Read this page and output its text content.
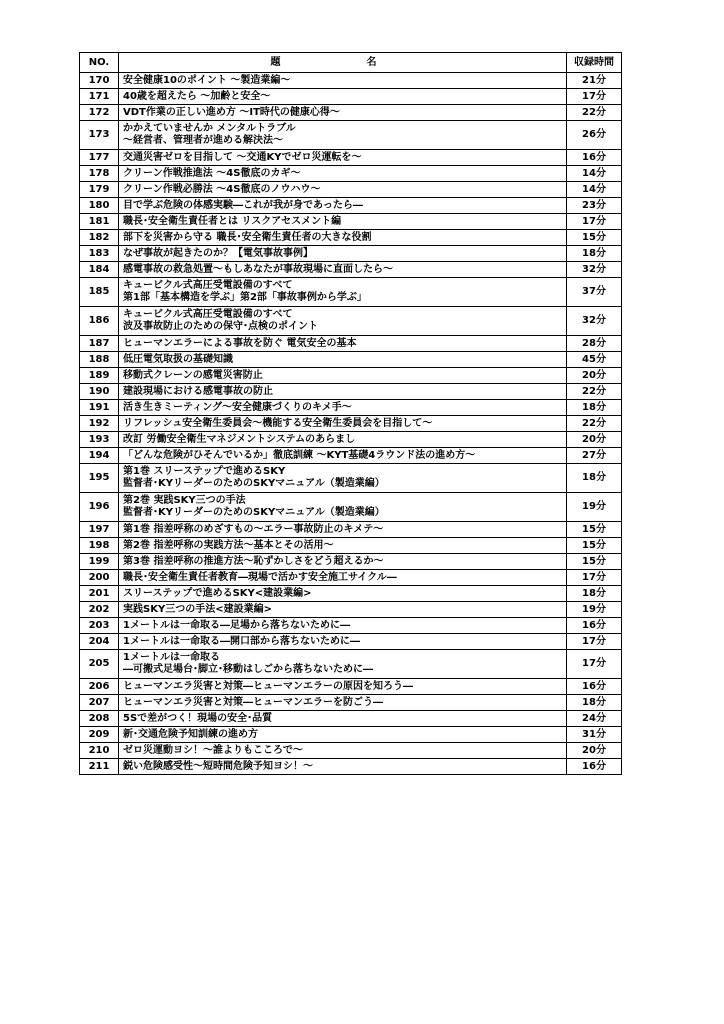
NO.	題　名	収録時間
170	安全健康10のポイント ～製造業編～	21分
171	40歳を超えたら ～加齢と安全～	17分
172	VDT作業の正しい進め方 ～IT時代の健康心得～	22分
173	かかえていませんか メンタルトラブル
～経営者、管理者が進める解決法～	26分
177	交通災害ゼロを目指して ～交通KYでゼロ災運転を～	16分
178	クリーン作戦推進法 ～4S徹底のカギ～	14分
179	クリーン作戦必勝法 ～4S徹底のノウハウ～	14分
180	目で学ぶ危険の体感実験―これが我が身であったら―	23分
181	職長･安全衛生責任者とは リスクアセスメント編	17分
182	部下を災害から守る 職長･安全衛生責任者の大きな役割	15分
183	なぜ事故が起きたのか？【電気事故事例】	18分
184	感電事故の救急処置～もしあなたが事故現場に直面したら～	32分
185	キュービクル式高圧受電設備のすべて
第1部「基本構造を学ぶ」第2部「事故事例から学ぶ」	37分
186	キュービクル式高圧受電設備のすべて
波及事故防止のための保守･点検のポイント	32分
187	ヒューマンエラーによる事故を防ぐ 電気安全の基本	28分
188	低圧電気取扱の基礎知識	45分
189	移動式クレーンの感電災害防止	20分
190	建設現場における感電事故の防止	22分
191	活き生きミーティング～安全健康づくりのキメ手～	18分
192	リフレッシュ安全衛生委員会～機能する安全衛生委員会を目指して～	22分
193	改訂 労働安全衛生マネジメントシステムのあらまし	20分
194	「どんな危険がひそんでいるか」徹底訓練 ～KYT基礎4ラウンド法の進め方～	27分
195	第1巻 スリーステップで進めるSKY
監督者･KYリーダーのためのSKYマニュアル（製造業編）	18分
196	第2巻 実践SKY三つの手法
監督者･KYリーダーのためのSKYマニュアル（製造業編）	19分
197	第1巻 指差呼称のめざすもの～エラー事故防止のキメテ～	15分
198	第2巻 指差呼称の実践方法～基本とその活用～	15分
199	第3巻 指差呼称の推進方法～恥ずかしさをどう超えるか～	15分
200	職長･安全衛生責任者教育―現場で活かす安全施工サイクル―	17分
201	スリーステップで進めるSKY<建設業編>	18分
202	実践SKY三つの手法<建設業編>	19分
203	1メートルは一命取る―足場から落ちないために―	16分
204	1メートルは一命取る―開口部から落ちないために―	17分
205	1メートルは一命取る
―可搬式足場台･脚立･移動はしごから落ちないために―	17分
206	ヒューマンエラ災害と対策―ヒューマンエラーの原因を知ろう―	16分
207	ヒューマンエラ災害と対策―ヒューマンエラーを防ごう―	18分
208	5Sで差がつく！現場の安全･品質	24分
209	新･交通危険予知訓練の進め方	31分
210	ゼロ災運動ヨシ！～誰よりもこころで～	20分
211	鋭い危険感受性～短時間危険予知ヨシ！～	16分
